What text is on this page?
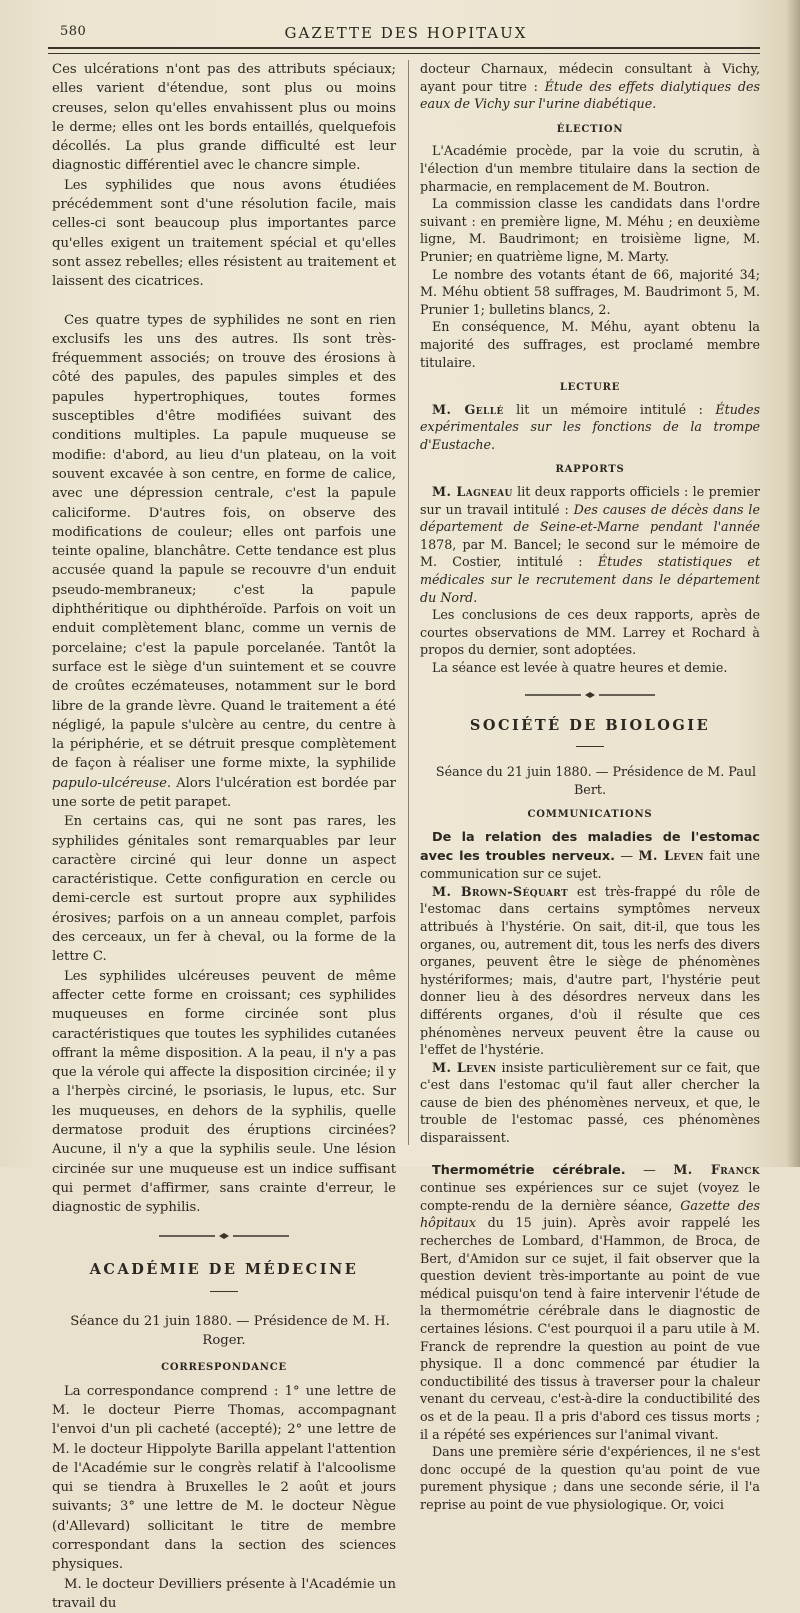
580	GAZETTE DES HOPITAUX

Ces ulcérations n'ont pas des attributs spéciaux; elles varient d'étendue, sont plus ou moins creuses, selon qu'elles envahissent plus ou moins le derme; elles ont les bords entaillés, quelquefois décollés. La plus grande difficulté est leur diagnostic différentiel avec le chancre simple.

Les syphilides que nous avons étudiées précédemment sont d'une résolution facile, mais celles-ci sont beaucoup plus importantes parce qu'elles exigent un traitement spécial et qu'elles sont assez rebelles; elles résistent au traitement et laissent des cicatrices.

Ces quatre types de syphilides ne sont en rien exclusifs les uns des autres. Ils sont très-fréquemment associés; on trouve des érosions à côté des papules, des papules simples et des papules hypertrophiques, toutes formes susceptibles d'être modifiées suivant des conditions multiples. La papule muqueuse se modifie: d'abord, au lieu d'un plateau, on la voit souvent excavée à son centre, en forme de calice, avec une dépression centrale, c'est la papule caliciforme. D'autres fois, on observe des modifications de couleur; elles ont parfois une teinte opaline, blanchâtre. Cette tendance est plus accusée quand la papule se recouvre d'un enduit pseudo-membraneux; c'est la papule diphthéritique ou diphthéroïde. Parfois on voit un enduit complètement blanc, comme un vernis de porcelaine; c'est la papule porcelanée. Tantôt la surface est le siège d'un suintement et se couvre de croûtes eczémateuses, notamment sur le bord libre de la grande lèvre. Quand le traitement a été négligé, la papule s'ulcère au centre, du centre à la périphérie, et se détruit presque complètement de façon à réaliser une forme mixte, la syphilide papulo-ulcéreuse. Alors l'ulcération est bordée par une sorte de petit parapet.

En certains cas, qui ne sont pas rares, les syphilides génitales sont remarquables par leur caractère circiné qui leur donne un aspect caractéristique. Cette configuration en cercle ou demi-cercle est surtout propre aux syphilides érosives; parfois on a un anneau complet, parfois des cerceaux, un fer à cheval, ou la forme de la lettre C.

Les syphilides ulcéreuses peuvent de même affecter cette forme en croissant; ces syphilides muqueuses en forme circinée sont plus caractéristiques que toutes les syphilides cutanées offrant la même disposition. A la peau, il n'y a pas que la vérole qui affecte la disposition circinée; il y a l'herpès circiné, le psoriasis, le lupus, etc. Sur les muqueuses, en dehors de la syphilis, quelle dermatose produit des éruptions circinées? Aucune, il n'y a que la syphilis seule. Une lésion circinée sur une muqueuse est un indice suffisant qui permet d'affirmer, sans crainte d'erreur, le diagnostic de syphilis.

ACADÉMIE DE MÉDECINE

Séance du 21 juin 1880. — Présidence de M. H. Roger.

CORRESPONDANCE

La correspondance comprend : 1° une lettre de M. le docteur Pierre Thomas, accompagnant l'envoi d'un pli cacheté (accepté); 2° une lettre de M. le docteur Hippolyte Barilla appelant l'attention de l'Académie sur le congrès relatif à l'alcoolisme qui se tiendra à Bruxelles le 2 août et jours suivants; 3° une lettre de M. le docteur Nègue (d'Allevard) sollicitant le titre de membre correspondant dans la section des sciences physiques.

M. le docteur Devilliers présente à l'Académie un travail du

docteur Charnaux, médecin consultant à Vichy, ayant pour titre : Étude des effets dialytiques des eaux de Vichy sur l'urine diabétique.

ÉLECTION

L'Académie procède, par la voie du scrutin, à l'élection d'un membre titulaire dans la section de pharmacie, en remplacement de M. Boutron.

La commission classe les candidats dans l'ordre suivant : en première ligne, M. Méhu ; en deuxième ligne, M. Baudrimont; en troisième ligne, M. Prunier; en quatrième ligne, M. Marty.

Le nombre des votants étant de 66, majorité 34; M. Méhu obtient 58 suffrages, M. Baudrimont 5, M. Prunier 1; bulletins blancs, 2.

En conséquence, M. Méhu, ayant obtenu la majorité des suffrages, est proclamé membre titulaire.

LECTURE

M. Gellé lit un mémoire intitulé : Études expérimentales sur les fonctions de la trompe d'Eustache.

RAPPORTS

M. Lagneau lit deux rapports officiels : le premier sur un travail intitulé : Des causes de décès dans le département de Seine-et-Marne pendant l'année 1878, par M. Bancel; le second sur le mémoire de M. Costier, intitulé : Études statistiques et médicales sur le recrutement dans le département du Nord.

Les conclusions de ces deux rapports, après de courtes observations de MM. Larrey et Rochard à propos du dernier, sont adoptées.

La séance est levée à quatre heures et demie.

SOCIÉTÉ DE BIOLOGIE

Séance du 21 juin 1880. — Présidence de M. Paul Bert.

COMMUNICATIONS

De la relation des maladies de l'estomac avec les troubles nerveux. — M. Leven fait une communication sur ce sujet.

M. Brown-Séquart est très-frappé du rôle de l'estomac dans certains symptômes nerveux attribués à l'hystérie. On sait, dit-il, que tous les organes, ou, autrement dit, tous les nerfs des divers organes, peuvent être le siège de phénomènes hystériformes; mais, d'autre part, l'hystérie peut donner lieu à des désordres nerveux dans les différents organes, d'où il résulte que ces phénomènes nerveux peuvent être la cause ou l'effet de l'hystérie.

M. Leven insiste particulièrement sur ce fait, que c'est dans l'estomac qu'il faut aller chercher la cause de bien des phénomènes nerveux, et que, le trouble de l'estomac passé, ces phénomènes disparaissent.

Thermométrie cérébrale. — M. Franck continue ses expériences sur ce sujet (voyez le compte-rendu de la dernière séance, Gazette des hôpitaux du 15 juin). Après avoir rappelé les recherches de Lombard, d'Hammon, de Broca, de Bert, d'Amidon sur ce sujet, il fait observer que la question devient très-importante au point de vue médical puisqu'on tend à faire intervenir l'étude de la thermométrie cérébrale dans le diagnostic de certaines lésions. C'est pourquoi il a paru utile à M. Franck de reprendre la question au point de vue physique. Il a donc commencé par étudier la conductibilité des tissus à traverser pour la chaleur venant du cerveau, c'est-à-dire la conductibilité des os et de la peau. Il a pris d'abord ces tissus morts ; il a répété ses expériences sur l'animal vivant.

Dans une première série d'expériences, il ne s'est donc occupé de la question qu'au point de vue purement physique ; dans une seconde série, il l'a reprise au point de vue physiologique. Or, voici
